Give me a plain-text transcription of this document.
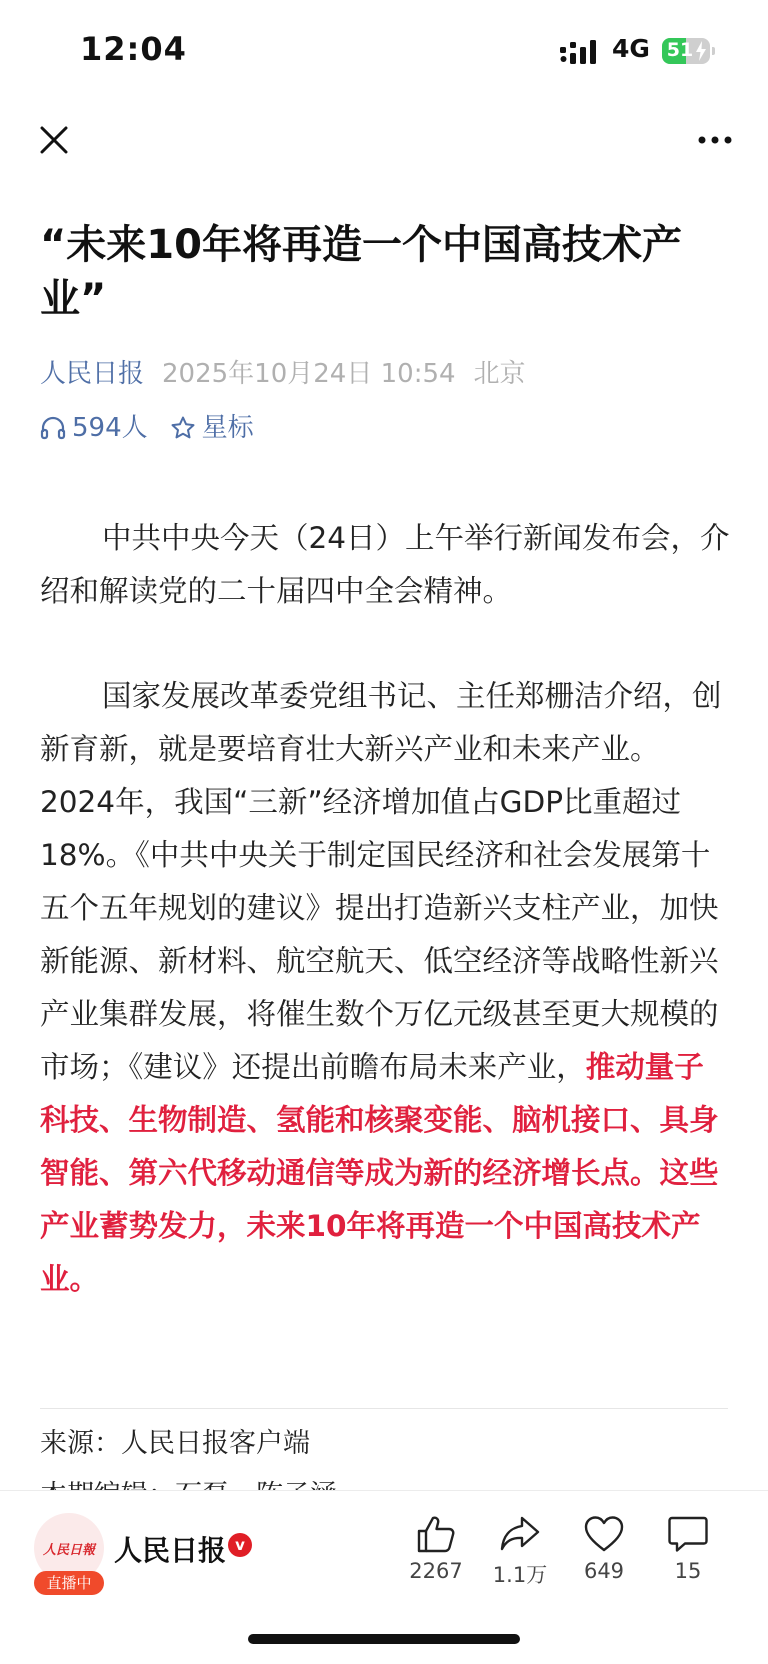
12:04	4G 51
“未来10年将再造一个中国高技术产业”
人民日报 2025年10月24日 10:54 北京
594人 星标

中共中央今天（24日）上午举行新闻发布会，介绍和解读党的二十届四中全会精神。

国家发展改革委党组书记、主任郑栅洁介绍，创新育新，就是要培育壮大新兴产业和未来产业。2024年，我国“三新”经济增加值占GDP比重超过18%。《中共中央关于制定国民经济和社会发展第十五个五年规划的建议》提出打造新兴支柱产业，加快新能源、新材料、航空航天、低空经济等战略性新兴产业集群发展，将催生数个万亿元级甚至更大规模的市场；《建议》还提出前瞻布局未来产业，推动量子科技、生物制造、氢能和核聚变能、脑机接口、具身智能、第六代移动通信等成为新的经济增长点。这些产业蓄势发力，未来10年将再造一个中国高技术产业。

来源：人民日报客户端
人民日報
直播中
人民日报 v
2267	1.1万	649	15
